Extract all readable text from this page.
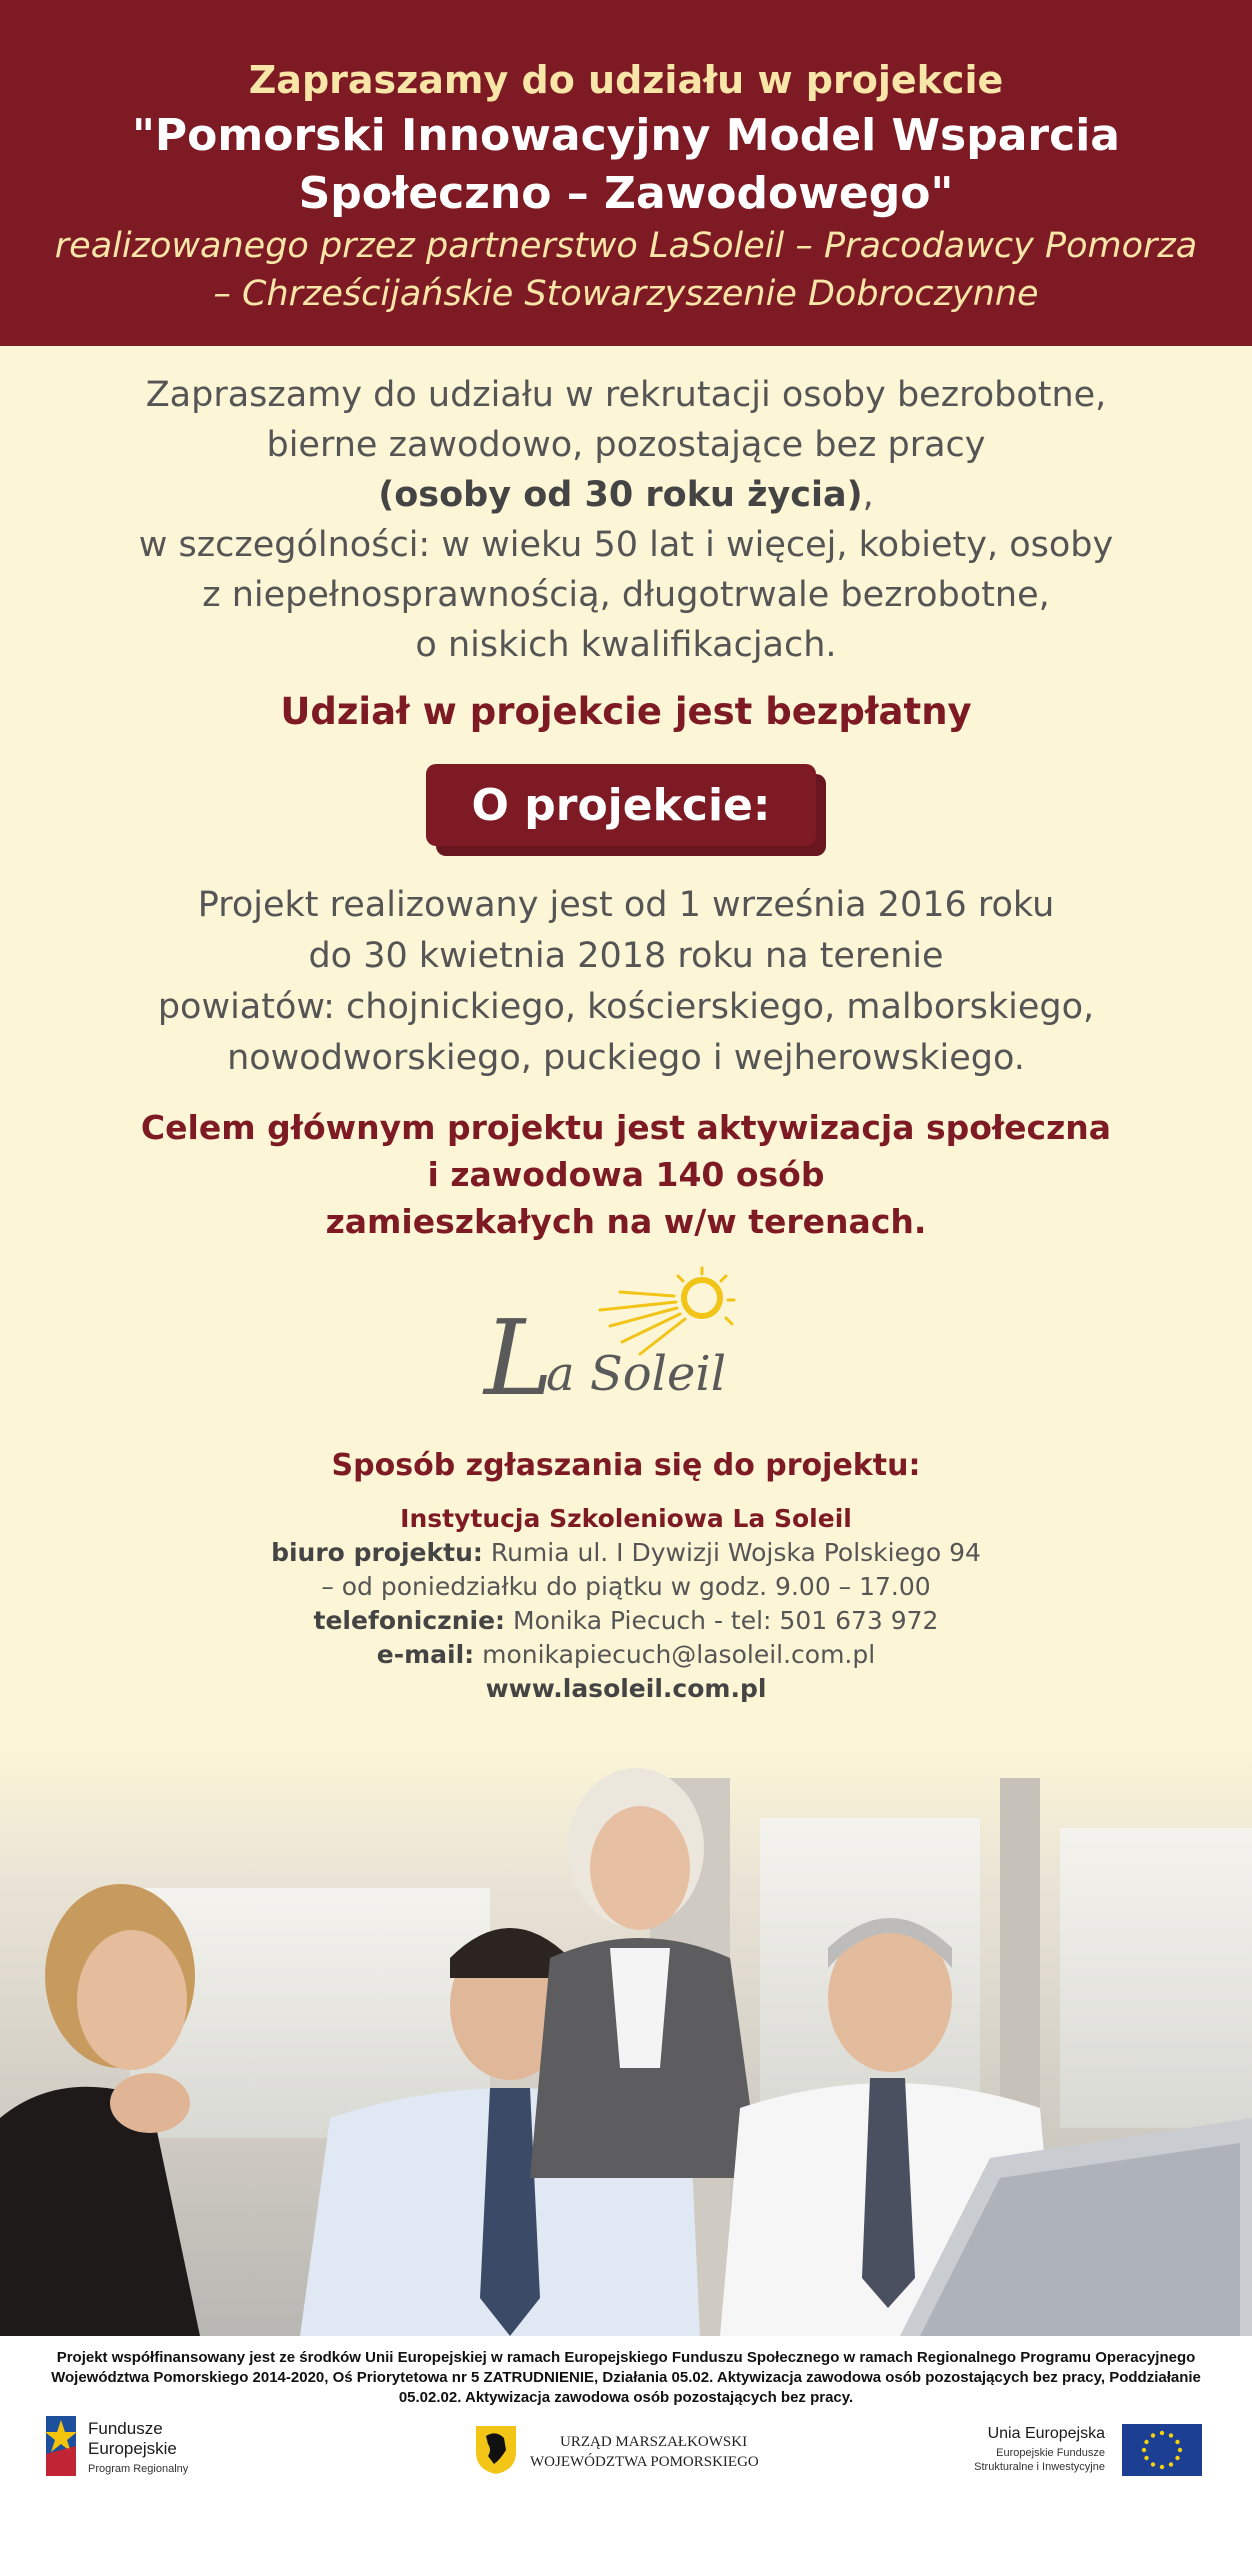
Zapraszamy do udziału w projekcie
"Pomorski Innowacyjny Model Wsparcia
Społeczno – Zawodowego"
realizowanego przez partnerstwo LaSoleil – Pracodawcy Pomorza
– Chrześcijańskie Stowarzyszenie Dobroczynne
Zapraszamy do udziału w rekrutacji osoby bezrobotne,
bierne zawodowo, pozostające bez pracy
(osoby od 30 roku życia),
w szczególności: w wieku 50 lat i więcej, kobiety, osoby
z niepełnosprawnością, długotrwale bezrobotne,
o niskich kwalifikacjach.
Udział w projekcie jest bezpłatny
O projekcie:
Projekt realizowany jest od 1 września 2016 roku
do 30 kwietnia 2018 roku na terenie
powiatów: chojnickiego, kościerskiego, malborskiego,
nowodworskiego, puckiego i wejherowskiego.
Celem głównym projektu jest aktywizacja społeczna
i zawodowa 140 osób
zamieszkałych na w/w terenach.
L
a Soleil
Sposób zgłaszania się do projektu:
Instytucja Szkoleniowa La Soleil
biuro projektu: Rumia ul. I Dywizji Wojska Polskiego 94
– od poniedziałku do piątku w godz. 9.00 – 17.00
telefonicznie: Monika Piecuch - tel: 501 673 972
e-mail: monikapiecuch@lasoleil.com.pl
www.lasoleil.com.pl
Projekt współfinansowany jest ze środków Unii Europejskiej w ramach Europejskiego Funduszu Społecznego w ramach Regionalnego Programu Operacyjnego
Województwa Pomorskiego 2014-2020, Oś Priorytetowa nr 5 ZATRUDNIENIE, Działania 05.02. Aktywizacja zawodowa osób pozostających bez pracy, Poddziałanie
05.02.02. Aktywizacja zawodowa osób pozostających bez pracy.
Fundusze
Europejskie
Program Regionalny
URZĄD MARSZAŁKOWSKI
WOJEWÓDZTWA POMORSKIEGO
Unia Europejska
Europejskie Fundusze
Strukturalne i Inwestycyjne
